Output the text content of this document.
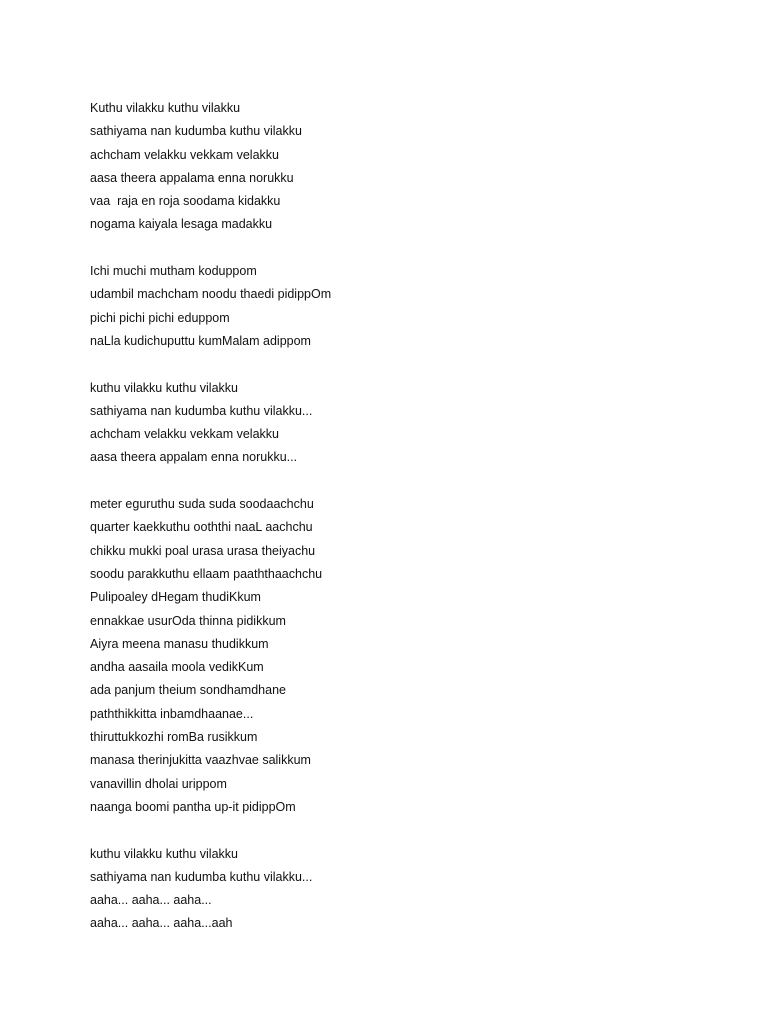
Kuthu vilakku kuthu vilakku
sathiyama nan kudumba kuthu vilakku
achcham velakku vekkam velakku
aasa theera appalama enna norukku
vaa  raja en roja soodama kidakku
nogama kaiyala lesaga madakku
Ichi muchi mutham koduppom
udambil machcham noodu thaedi pidippOm
pichi pichi pichi eduppom
naLla kudichuputtu kumMalam adippom
kuthu vilakku kuthu vilakku
sathiyama nan kudumba kuthu vilakku...
achcham velakku vekkam velakku
aasa theera appalam enna norukku...
meter eguruthu suda suda soodaachchu
quarter kaekkuthu ooththi naaL aachchu
chikku mukki poal urasa urasa theiyachu
soodu parakkuthu ellaam paaththaachchu
Pulipoaley dHegam thudiKkum
ennakkae usurOda thinna pidikkum
Aiyra meena manasu thudikkum
andha aasaila moola vedikKum
ada panjum theium sondhamdhane
paththikkitta inbamdhaanae...
thiruttukkozhi romBa rusikkum
manasa therinjukitta vaazhvae salikkum
vanavillin dholai urippom
naanga boomi pantha up-it pidippOm
kuthu vilakku kuthu vilakku
sathiyama nan kudumba kuthu vilakku...
aaha... aaha... aaha...
aaha... aaha... aaha...aah
